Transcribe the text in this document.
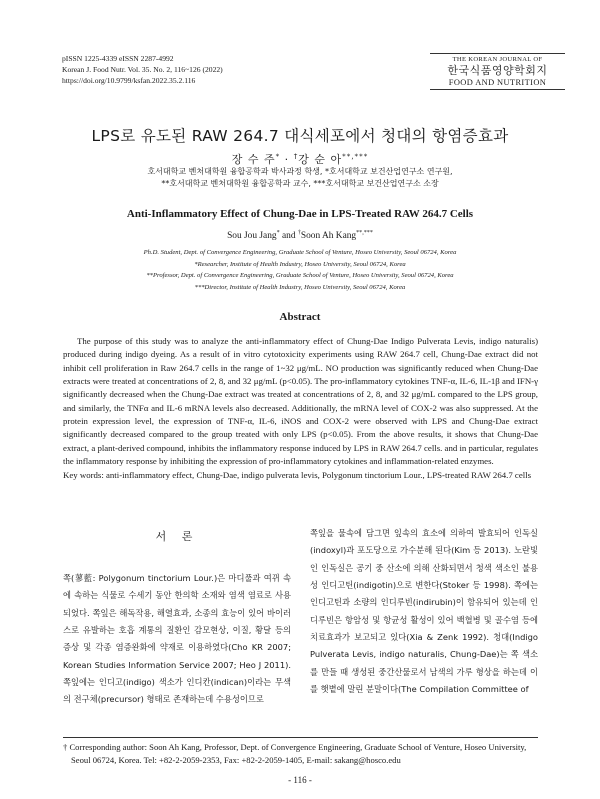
pISSN 1225-4339 eISSN 2287-4992
Korean J. Food Nutr. Vol. 35. No. 2, 116~126 (2022)
https://doi.org/10.9799/ksfan.2022.35.2.116
THE KOREAN JOURNAL OF
한국식품영양학회지
FOOD AND NUTRITION
LPS로 유도된 RAW 264.7 대식세포에서 청대의 항염증효과
장 수 주* · †강 순 아**,***
호서대학교 벤처대학원 융합공학과 박사과정 학생, *호서대학교 보건산업연구소 연구원,
**호서대학교 벤처대학원 융합공학과 교수, ***호서대학교 보건산업연구소 소장
Anti-Inflammatory Effect of Chung-Dae in LPS-Treated RAW 264.7 Cells
Sou Jou Jang* and †Soon Ah Kang**,***
Ph.D. Student, Dept. of Convergence Engineering, Graduate School of Venture, Hoseo University, Seoul 06724, Korea
*Researcher, Institute of Health Industry, Hoseo University, Seoul 06724, Korea
**Professor, Dept. of Convergence Engineering, Graduate School of Venture, Hoseo University, Seoul 06724, Korea
***Director, Institute of Health Industry, Hoseo University, Seoul 06724, Korea
Abstract
The purpose of this study was to analyze the anti-inflammatory effect of Chung-Dae Indigo Pulverata Levis, indigo naturalis) produced during indigo dyeing. As a result of in vitro cytotoxicity experiments using RAW 264.7 cell, Chung-Dae extract did not inhibit cell proliferation in Raw 264.7 cells in the range of 1~32 μg/mL. NO production was significantly reduced when Chung-Dae extracts were treated at concentrations of 2, 8, and 32 μg/mL (p<0.05). The pro-inflammatory cytokines TNF-α, IL-6, IL-1β and IFN-γ significantly decreased when the Chung-Dae extract was treated at concentrations of 2, 8, and 32 μg/mL compared to the LPS group, and similarly, the TNFα and IL-6 mRNA levels also decreased. Additionally, the mRNA level of COX-2 was also suppressed. At the protein expression level, the expression of TNF-α, IL-6, iNOS and COX-2 were observed with LPS and Chung-Dae extract significantly decreased compared to the group treated with only LPS (p<0.05). From the above results, it shows that Chung-Dae extract, a plant-derived compound, inhibits the inflammatory response induced by LPS in RAW 264.7 cells. and in particular, regulates the inflammatory response by inhibiting the expression of pro-inflammatory cytokines and inflammation-related enzymes.
Key words: anti-inflammatory effect, Chung-Dae, indigo pulverata levis, Polygonum tinctorium Lour., LPS-treated RAW 264.7 cells
서 론
쪽(蓼藍: Polygonum tinctorium Lour.)은 마디풀과 여뀌 속에 속하는 식물로 수세기 동안 한의학 소재와 염색 염료로 사용되었다. 쪽잎은 해독작용, 해열효과, 소종의 효능이 있어 바이러스로 유발하는 호흡 계통의 질환인 감모현상, 이질, 황달 등의 증상 및 각종 염증완화에 약재로 이용하였다(Cho KR 2007; Korean Studies Information Service 2007; Heo J 2011). 쪽잎에는 인디고(indigo) 색소가 인디칸(indican)이라는 무색의 전구체(precursor) 형태로 존재하는데 수용성이므로
쪽잎을 물속에 담그면 잎속의 효소에 의하여 발효되어 인독실(indoxyl)과 포도당으로 가수분해 된다(Kim 등 2013). 노란빛인 인독실은 공기 중 산소에 의해 산화되면서 청색 색소인 불용성 인디고틴(indigotin)으로 변한다(Stoker 등 1998). 쪽에는 인디고틴과 소량의 인디루빈(indirubin)이 함유되어 있는데 인디루빈은 항암성 및 항균성 활성이 있어 백혈병 및 골수염 등에 치료효과가 보고되고 있다(Xia & Zenk 1992). 청대(Indigo Pulverata Levis, indigo naturalis, Chung-Dae)는 쪽 색소를 만들 때 생성된 중간산물로서 남색의 가루 형상을 하는데 이를 햇볕에 말린 분말이다(The Compilation Committee of
† Corresponding author: Soon Ah Kang, Professor, Dept. of Convergence Engineering, Graduate School of Venture, Hoseo University, Seoul 06724, Korea. Tel: +82-2-2059-2353, Fax: +82-2-2059-1405, E-mail: sakang@hosco.edu
- 116 -
